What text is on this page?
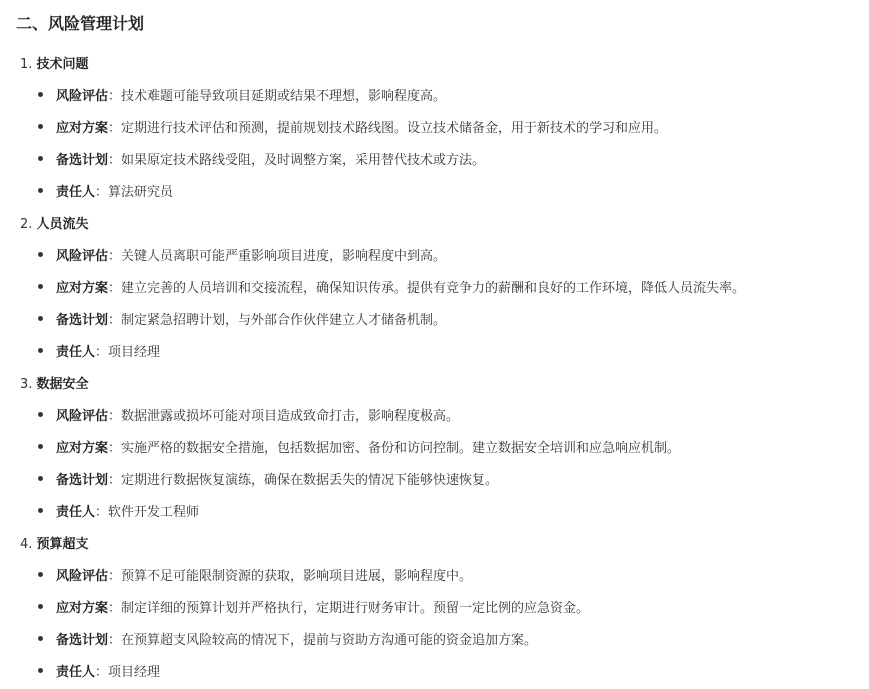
二、风险管理计划
1. 技术问题
风险评估：技术难题可能导致项目延期或结果不理想，影响程度高。
应对方案：定期进行技术评估和预测，提前规划技术路线图。设立技术储备金，用于新技术的学习和应用。
备选计划：如果原定技术路线受阻，及时调整方案，采用替代技术或方法。
责任人：算法研究员
2. 人员流失
风险评估：关键人员离职可能严重影响项目进度，影响程度中到高。
应对方案：建立完善的人员培训和交接流程，确保知识传承。提供有竞争力的薪酬和良好的工作环境，降低人员流失率。
备选计划：制定紧急招聘计划，与外部合作伙伴建立人才储备机制。
责任人：项目经理
3. 数据安全
风险评估：数据泄露或损坏可能对项目造成致命打击，影响程度极高。
应对方案：实施严格的数据安全措施，包括数据加密、备份和访问控制。建立数据安全培训和应急响应机制。
备选计划：定期进行数据恢复演练，确保在数据丢失的情况下能够快速恢复。
责任人：软件开发工程师
4. 预算超支
风险评估：预算不足可能限制资源的获取，影响项目进展，影响程度中。
应对方案：制定详细的预算计划并严格执行，定期进行财务审计。预留一定比例的应急资金。
备选计划：在预算超支风险较高的情况下，提前与资助方沟通可能的资金追加方案。
责任人：项目经理
